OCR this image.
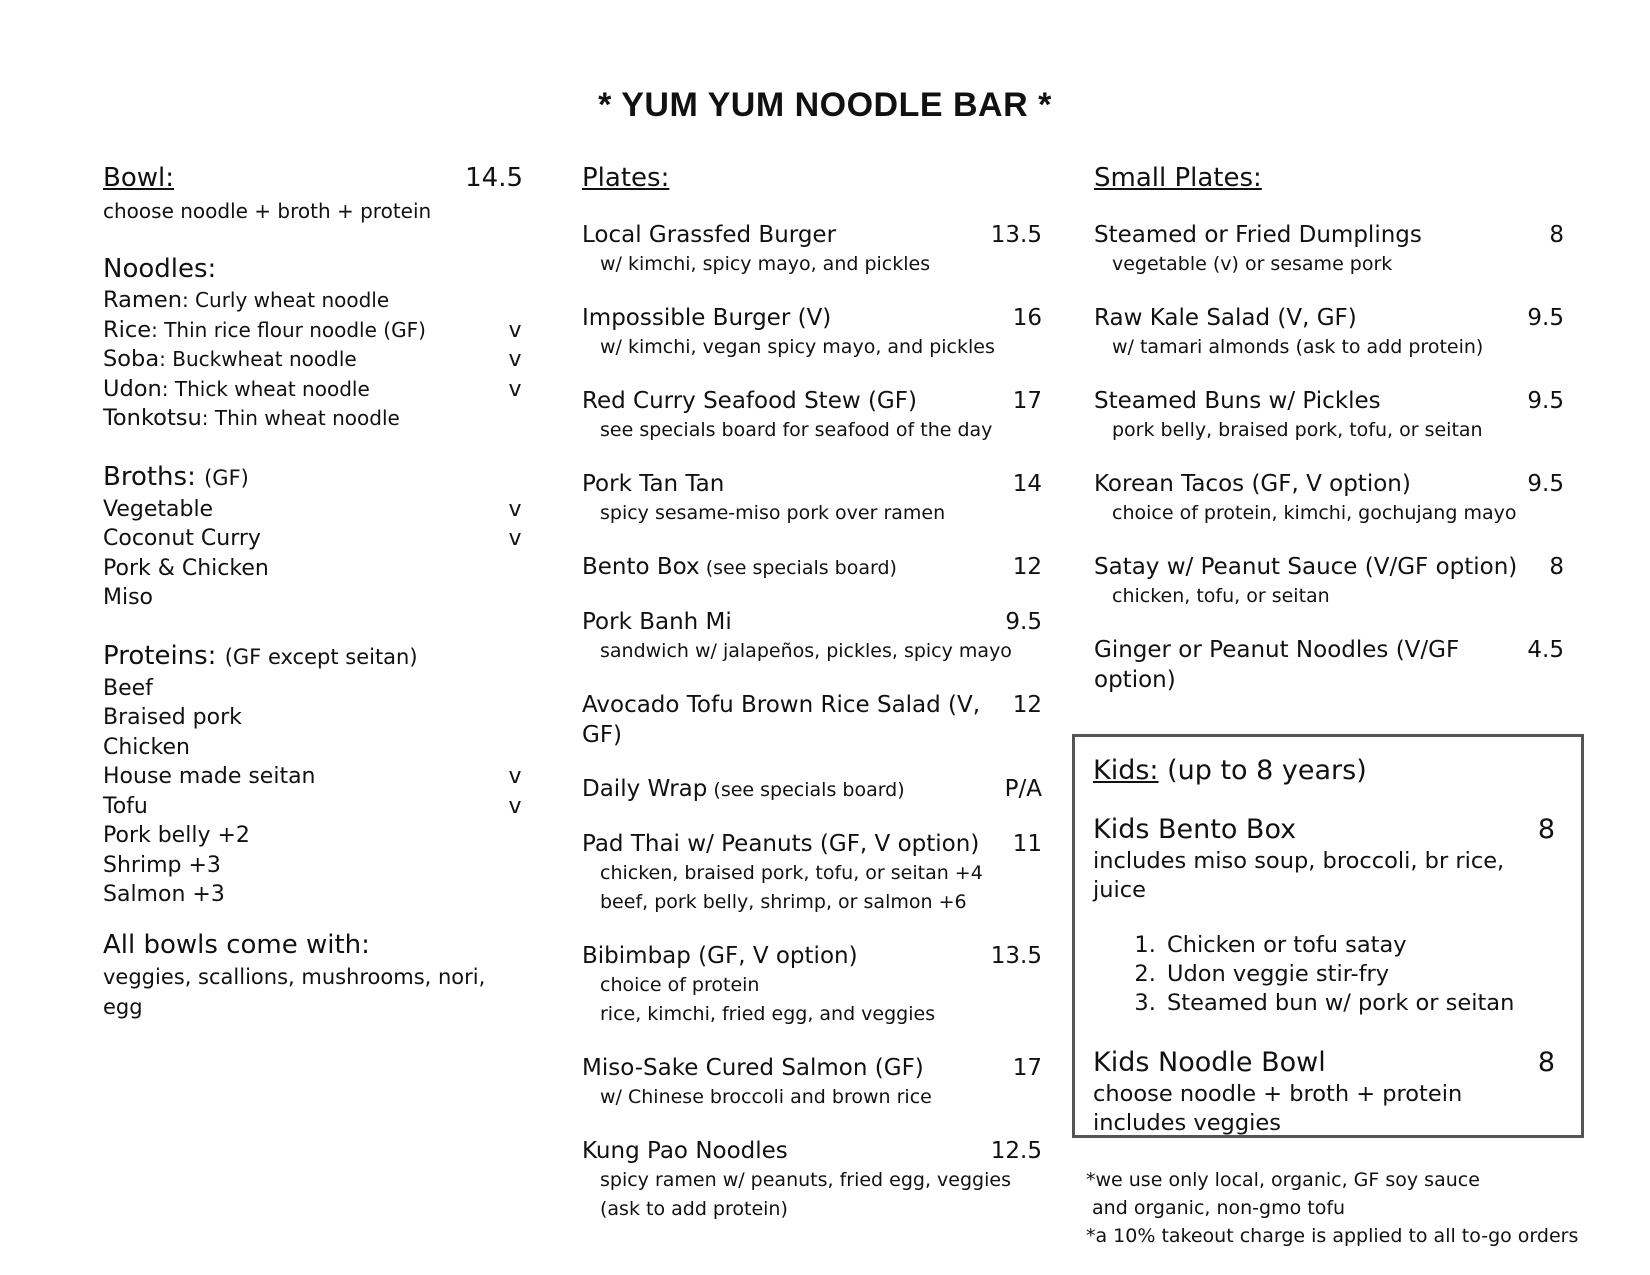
* YUM YUM NOODLE BAR *
Bowl:	14.5
choose noodle + broth + protein
Noodles:
Ramen: Curly wheat noodle
Rice: Thin rice flour noodle (GF)	v
Soba: Buckwheat noodle	v
Udon: Thick wheat noodle	v
Tonkotsu: Thin wheat noodle
Broths: (GF)
Vegetable	v
Coconut Curry	v
Pork & Chicken
Miso
Proteins: (GF except seitan)
Beef
Braised pork
Chicken
House made seitan	v
Tofu	v
Pork belly +2
Shrimp +3
Salmon +3
All bowls come with:
veggies, scallions, mushrooms, nori, egg
Plates:
Local Grassfed Burger	13.5
w/ kimchi, spicy mayo, and pickles
Impossible Burger (V)	16
w/ kimchi, vegan spicy mayo, and pickles
Red Curry Seafood Stew (GF)	17
see specials board for seafood of the day
Pork Tan Tan	14
spicy sesame-miso pork over ramen
Bento Box (see specials board)	12
Pork Banh Mi	9.5
sandwich w/ jalapeños, pickles, spicy mayo
Avocado Tofu Brown Rice Salad (V, GF)
12
Daily Wrap (see specials board)	P/A
Pad Thai w/ Peanuts (GF, V option) 11
chicken, braised pork, tofu, or seitan +4
beef, pork belly, shrimp, or salmon +6
Bibimbap (GF, V option)	13.5
choice of protein
rice, kimchi, fried egg, and veggies
Miso-Sake Cured Salmon (GF)	17
w/ Chinese broccoli and brown rice
Kung Pao Noodles	12.5
spicy ramen w/ peanuts, fried egg, veggies
(ask to add protein)
Small Plates:
Steamed or Fried Dumplings	8
vegetable (v) or sesame pork
Raw Kale Salad (V, GF)	9.5
w/ tamari almonds (ask to add protein)
Steamed Buns w/ Pickles	9.5
pork belly, braised pork, tofu, or seitan
Korean Tacos (GF, V option)	9.5
choice of protein, kimchi, gochujang mayo
Satay w/ Peanut Sauce (V/GF option) 8
chicken, tofu, or seitan
Ginger or Peanut Noodles (V/GF option)
4.5
Kids: (up to 8 years)
Kids Bento Box	8
includes miso soup, broccoli, br rice, juice
1. Chicken or tofu satay
2. Udon veggie stir-fry
3. Steamed bun w/ pork or seitan
Kids Noodle Bowl	8
choose noodle + broth + protein
includes veggies
*we use only local, organic, GF soy sauce
and organic, non-gmo tofu
*a 10% takeout charge is applied to all to-go orders
